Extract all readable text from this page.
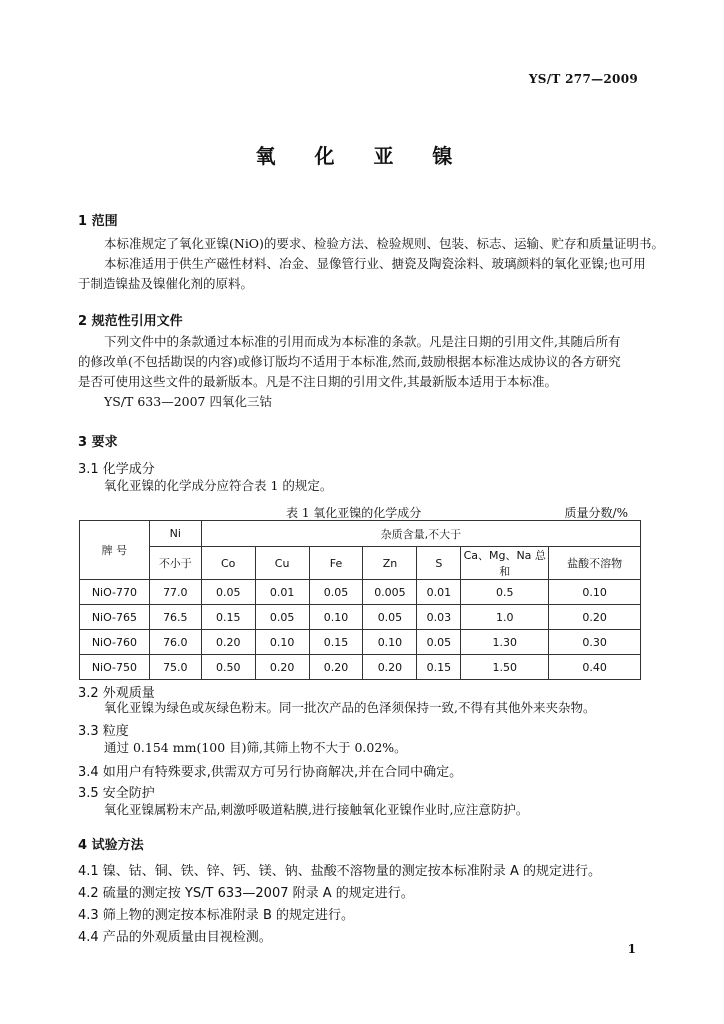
YS/T 277—2009
氧 化 亚 镍
1 范围
本标准规定了氧化亚镍(NiO)的要求、检验方法、检验规则、包装、标志、运输、贮存和质量证明书。
本标准适用于供生产磁性材料、冶金、显像管行业、搪瓷及陶瓷涂料、玻璃颜料的氧化亚镍;也可用
于制造镍盐及镍催化剂的原料。
2 规范性引用文件
下列文件中的条款通过本标准的引用而成为本标准的条款。凡是注日期的引用文件,其随后所有
的修改单(不包括勘误的内容)或修订版均不适用于本标准,然而,鼓励根据本标准达成协议的各方研究
是否可使用这些文件的最新版本。凡是不注日期的引用文件,其最新版本适用于本标准。
YS/T 633—2007 四氧化三钴
3 要求
3.1 化学成分
氧化亚镍的化学成分应符合表 1 的规定。
表 1 氧化亚镍的化学成分	质量分数/%
牌 号	Ni	杂质含量,不大于						
	不小于	Co	Cu	Fe	Zn	S	Ca、Mg、Na 总和	盐酸不溶物
NiO-770	77.0	0.05	0.01	0.05	0.005	0.01	0.5	0.10
NiO-765	76.5	0.15	0.05	0.10	0.05	0.03	1.0	0.20
NiO-760	76.0	0.20	0.10	0.15	0.10	0.05	1.30	0.30
NiO-750	75.0	0.50	0.20	0.20	0.20	0.15	1.50	0.40
3.2 外观质量
氧化亚镍为绿色或灰绿色粉末。同一批次产品的色泽须保持一致,不得有其他外来夹杂物。
3.3 粒度
通过 0.154 mm(100 目)筛,其筛上物不大于 0.02%。
3.4 如用户有特殊要求,供需双方可另行协商解决,并在合同中确定。
3.5 安全防护
氧化亚镍属粉末产品,刺激呼吸道粘膜,进行接触氧化亚镍作业时,应注意防护。
4 试验方法
4.1 镍、钴、铜、铁、锌、钙、镁、钠、盐酸不溶物量的测定按本标准附录 A 的规定进行。
4.2 硫量的测定按 YS/T 633—2007 附录 A 的规定进行。
4.3 筛上物的测定按本标准附录 B 的规定进行。
4.4 产品的外观质量由目视检测。
1
